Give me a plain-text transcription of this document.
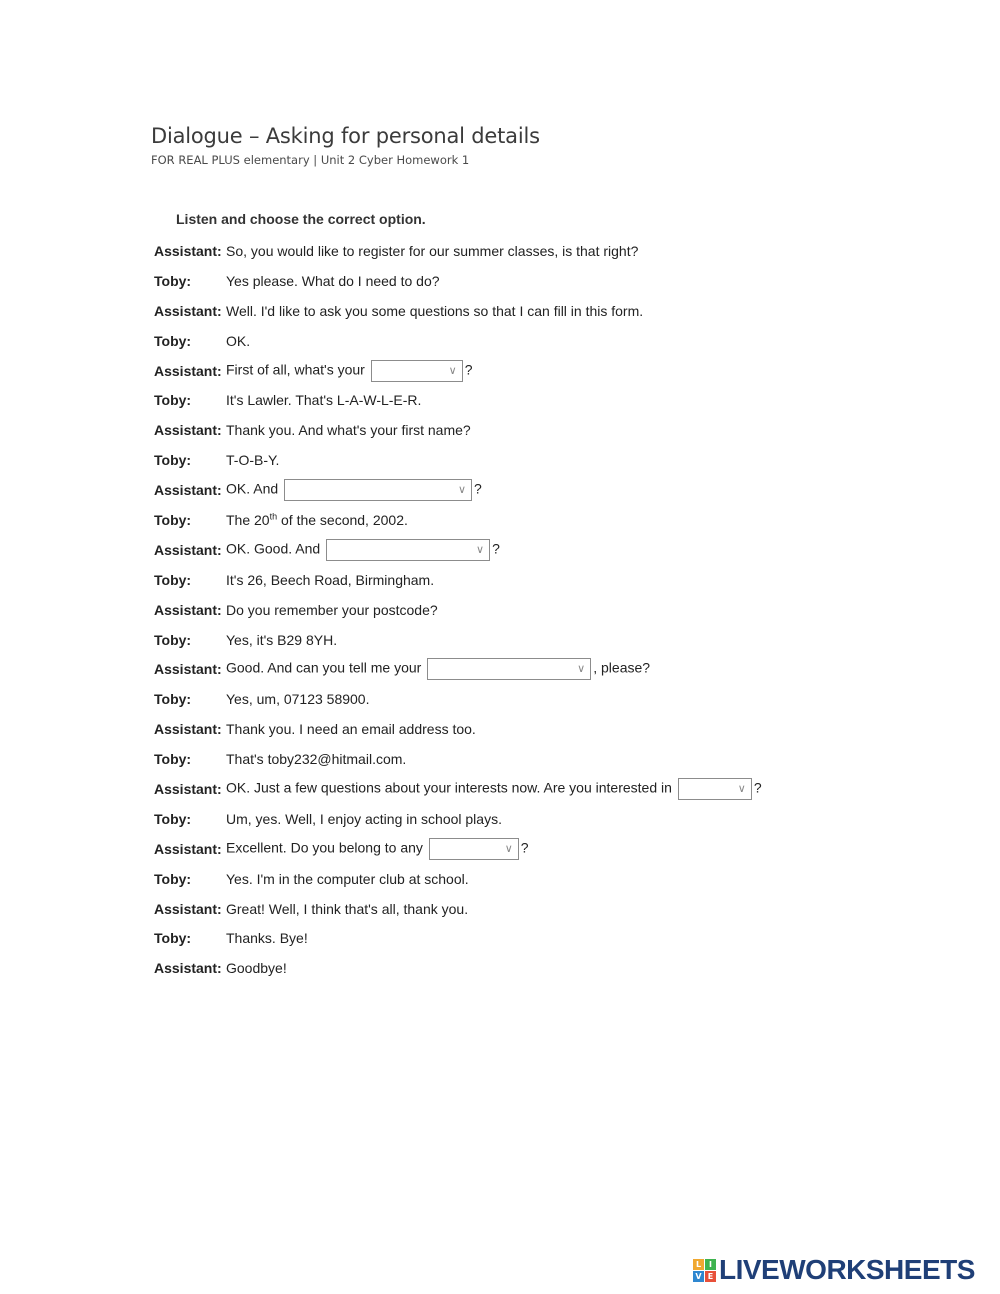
Dialogue – Asking for personal details
FOR REAL PLUS elementary | Unit 2 Cyber Homework 1
Listen and choose the correct option.
Assistant: So, you would like to register for our summer classes, is that right?
Toby:	Yes please. What do I need to do?
Assistant: Well. I'd like to ask you some questions so that I can fill in this form.
Toby:	OK.
Assistant: First of all, what's your	∨ ?
Toby:	It's Lawler. That's L-A-W-L-E-R.
Assistant: Thank you. And what's your first name?
Toby:	T-O-B-Y.
Assistant: OK. And	∨ ?
Toby:	The 20th of the second, 2002.
Assistant: OK. Good. And	∨ ?
Toby:	It's 26, Beech Road, Birmingham.
Assistant: Do you remember your postcode?
Toby:	Yes, it's B29 8YH.
Assistant: Good. And can you tell me your	∨ , please?
Toby:	Yes, um, 07123 58900.
Assistant: Thank you. I need an email address too.
Toby:	That's toby232@hitmail.com.
Assistant: OK. Just a few questions about your interests now. Are you interested in	∨ ?
Toby:	Um, yes. Well, I enjoy acting in school plays.
Assistant: Excellent. Do you belong to any	∨ ?
Toby:	Yes. I'm in the computer club at school.
Assistant: Great! Well, I think that's all, thank you.
Toby:	Thanks. Bye!
Assistant: Goodbye!
L I
V E LIVEWORKSHEETS
